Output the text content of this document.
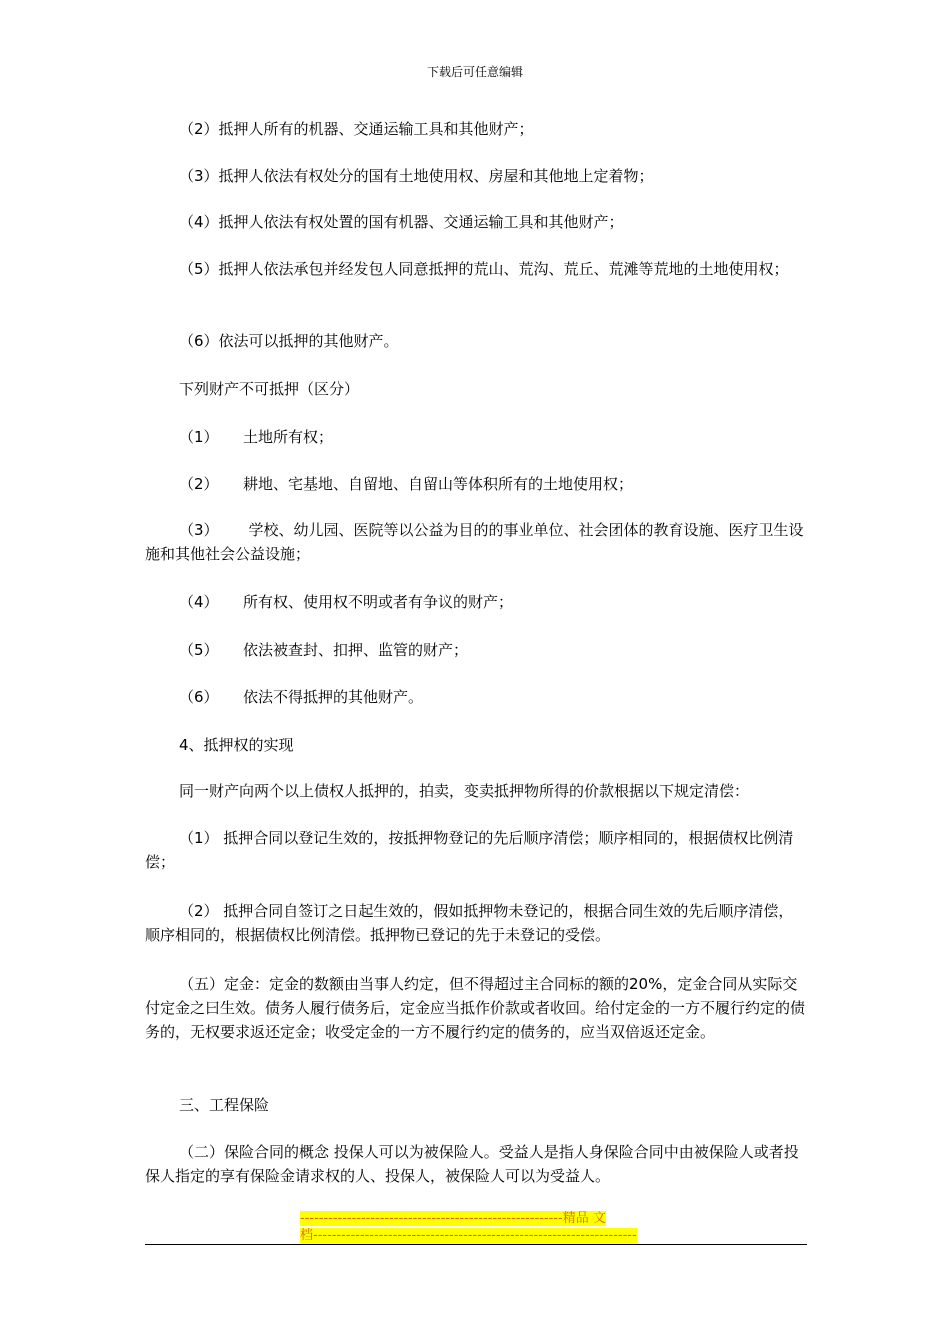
下载后可任意编辑

（2）抵押人所有的机器、交通运输工具和其他财产；

（3）抵押人依法有权处分的国有土地使用权、房屋和其他地上定着物；

（4）抵押人依法有权处置的国有机器、交通运输工具和其他财产；

（5）抵押人依法承包并经发包人同意抵押的荒山、荒沟、荒丘、荒滩等荒地的土地使用权；

（6）依法可以抵押的其他财产。

下列财产不可抵押（区分）

（1） 土地所有权；
（2） 耕地、宅基地、自留地、自留山等体积所有的土地使用权；

（3） 学校、幼儿园、医院等以公益为目的的事业单位、社会团体的教育设施、医疗卫生设施和其他社会公益设施；

（4） 所有权、使用权不明或者有争议的财产；
（5） 依法被查封、扣押、监管的财产；
（6） 依法不得抵押的其他财产。

4、抵押权的实现

同一财产向两个以上债权人抵押的，拍卖，变卖抵押物所得的价款根据以下规定清偿：

（1） 抵押合同以登记生效的，按抵押物登记的先后顺序清偿；顺序相同的，根据债权比例清偿；

（2） 抵押合同自签订之日起生效的，假如抵押物未登记的，根据合同生效的先后顺序清偿，顺序相同的，根据债权比例清偿。抵押物已登记的先于未登记的受偿。

（五）定金：定金的数额由当事人约定，但不得超过主合同标的额的20%，定金合同从实际交付定金之曰生效。债务人履行债务后，定金应当抵作价款或者收回。给付定金的一方不履行约定的债务的，无权要求返还定金；收受定金的一方不履行约定的债务的，应当双倍返还定金。

三、工程保险

（二）保险合同的概念 投保人可以为被保险人。受益人是指人身保险合同中由被保险人或者投保人指定的享有保险金请求权的人、投保人，被保险人可以为受益人。

--------------------------------------------------------精品 文
档---------------------------------------------------------------------
